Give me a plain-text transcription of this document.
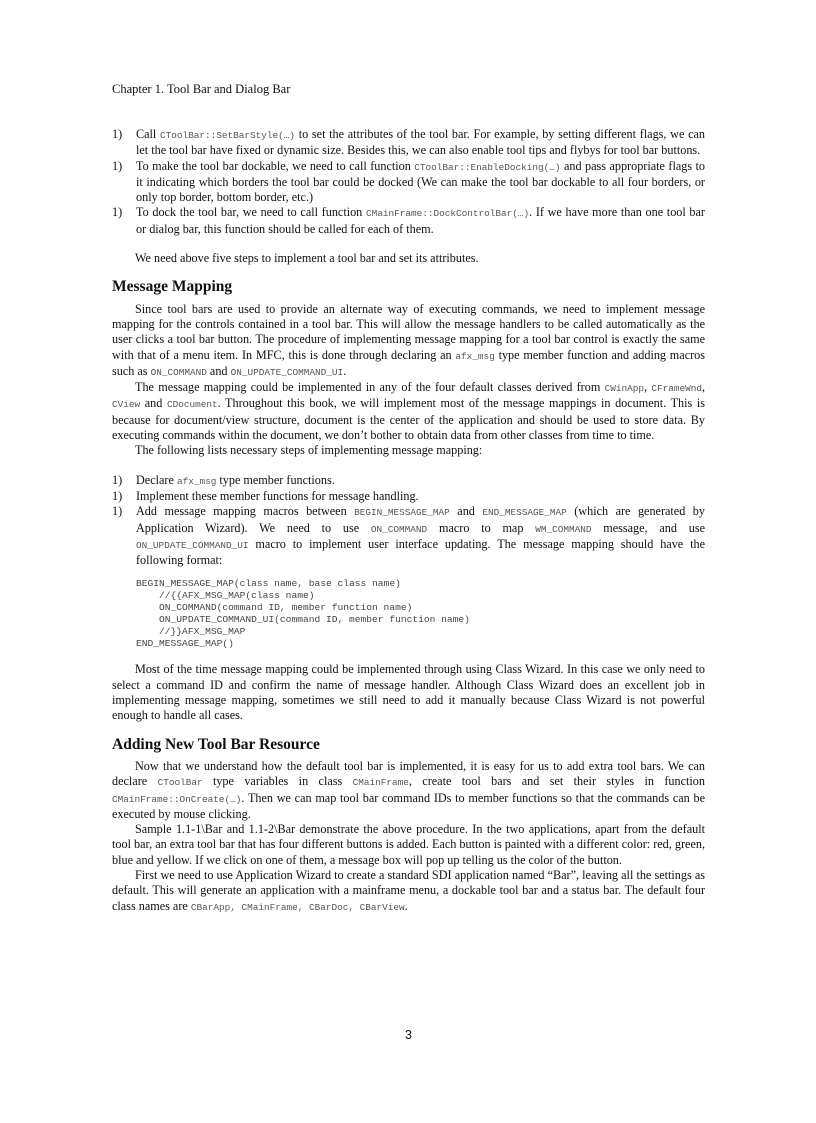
Chapter 1. Tool Bar and Dialog Bar
1) Call CToolBar::SetBarStyle(…) to set the attributes of the tool bar. For example, by setting different flags, we can let the tool bar have fixed or dynamic size. Besides this, we can also enable tool tips and flybys for tool bar buttons.
1) To make the tool bar dockable, we need to call function CToolBar::EnableDocking(…) and pass appropriate flags to it indicating which borders the tool bar could be docked (We can make the tool bar dockable to all four borders, or only top border, bottom border, etc.)
1) To dock the tool bar, we need to call function CMainFrame::DockControlBar(…). If we have more than one tool bar or dialog bar, this function should be called for each of them.

We need above five steps to implement a tool bar and set its attributes.

Message Mapping

Since tool bars are used to provide an alternate way of executing commands, we need to implement message mapping for the controls contained in a tool bar. This will allow the message handlers to be called automatically as the user clicks a tool bar button. The procedure of implementing message mapping for a tool bar control is exactly the same with that of a menu item. In MFC, this is done through declaring an afx_msg type member function and adding macros such as ON_COMMAND and ON_UPDATE_COMMAND_UI.

The message mapping could be implemented in any of the four default classes derived from CWinApp, CFrameWnd, CView and CDocument. Throughout this book, we will implement most of the message mappings in document. This is because for document/view structure, document is the center of the application and should be used to store data. By executing commands within the document, we don’t bother to obtain data from other classes from time to time.

The following lists necessary steps of implementing message mapping:

1) Declare afx_msg type member functions.
1) Implement these member functions for message handling.
1) Add message mapping macros between BEGIN_MESSAGE_MAP and END_MESSAGE_MAP (which are generated by Application Wizard). We need to use ON_COMMAND macro to map WM_COMMAND message, and use ON_UPDATE_COMMAND_UI macro to implement user interface updating. The message mapping should have the following format:
BEGIN_MESSAGE_MAP(class name, base class name)
//{{AFX_MSG_MAP(class name)
ON_COMMAND(command ID, member function name)
ON_UPDATE_COMMAND_UI(command ID, member function name)
//}}AFX_MSG_MAP
END_MESSAGE_MAP()

Most of the time message mapping could be implemented through using Class Wizard. In this case we only need to select a command ID and confirm the name of message handler. Although Class Wizard does an excellent job in implementing message mapping, sometimes we still need to add it manually because Class Wizard is not powerful enough to handle all cases.

Adding New Tool Bar Resource

Now that we understand how the default tool bar is implemented, it is easy for us to add extra tool bars. We can declare CToolBar type variables in class CMainFrame, create tool bars and set their styles in function CMainFrame::OnCreate(…). Then we can map tool bar command IDs to member functions so that the commands can be executed by mouse clicking.

Sample 1.1-1\Bar and 1.1-2\Bar demonstrate the above procedure. In the two applications, apart from the default tool bar, an extra tool bar that has four different buttons is added. Each button is painted with a different color: red, green, blue and yellow. If we click on one of them, a message box will pop up telling us the color of the button.

First we need to use Application Wizard to create a standard SDI application named “Bar”, leaving all the settings as default. This will generate an application with a mainframe menu, a dockable tool bar and a status bar. The default four class names are CBarApp, CMainFrame, CBarDoc, CBarView.

3
